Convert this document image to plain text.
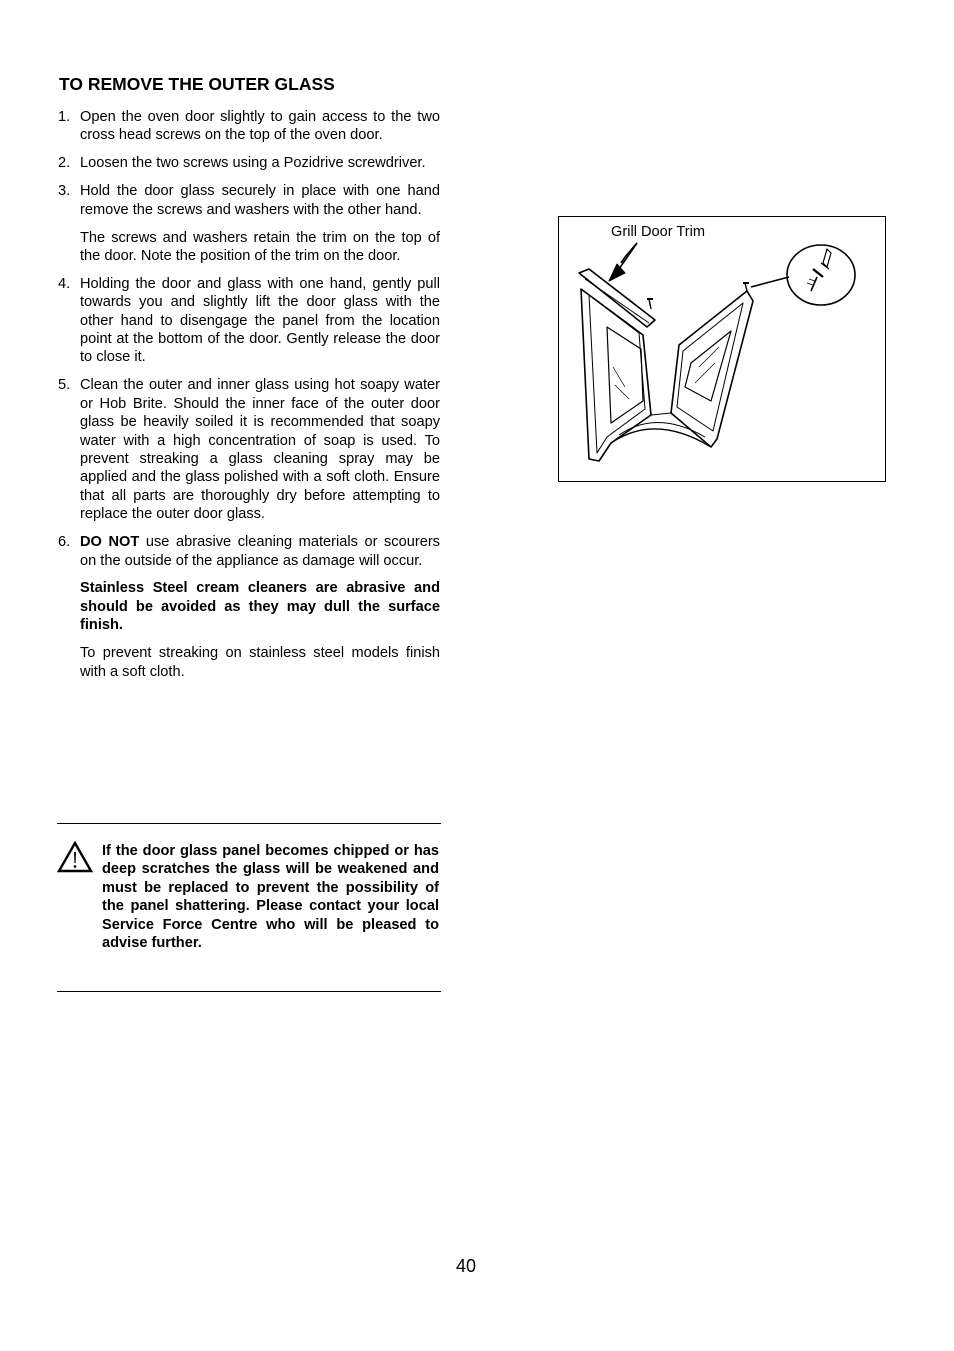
TO REMOVE THE OUTER GLASS
1. Open the oven door slightly to gain access to the two cross head screws on the top of the oven door.

2. Loosen the two screws using a Pozidrive screwdriver.

3. Hold the door glass securely in place with one hand remove the screws and washers with the other hand.

The screws and washers retain the trim on the top of the door. Note the position of the trim on the door.

4. Holding the door and glass with one hand, gently pull towards you and slightly lift the door glass with the other hand to disengage the panel from the location point at the bottom of the door. Gently release the door to close it.

5. Clean the outer and inner glass using hot soapy water or Hob Brite. Should the inner face of the outer door glass be heavily soiled it is recommended that soapy water with a high concentration of soap is used. To prevent streaking a glass cleaning spray may be applied and the glass polished with a soft cloth. Ensure that all parts are thoroughly dry before attempting to replace the outer door glass.

6. DO NOT use abrasive cleaning materials or scourers on the outside of the appliance as damage will occur.

Stainless Steel cream cleaners are abrasive and should be avoided as they may dull the surface finish.

To prevent streaking on stainless steel models finish with a soft cloth.

If the door glass panel becomes chipped or has deep scratches the glass will be weakened and must be replaced to prevent the possibility of the panel shattering. Please contact your local Service Force Centre who will be pleased to advise further.

Grill Door Trim
40
